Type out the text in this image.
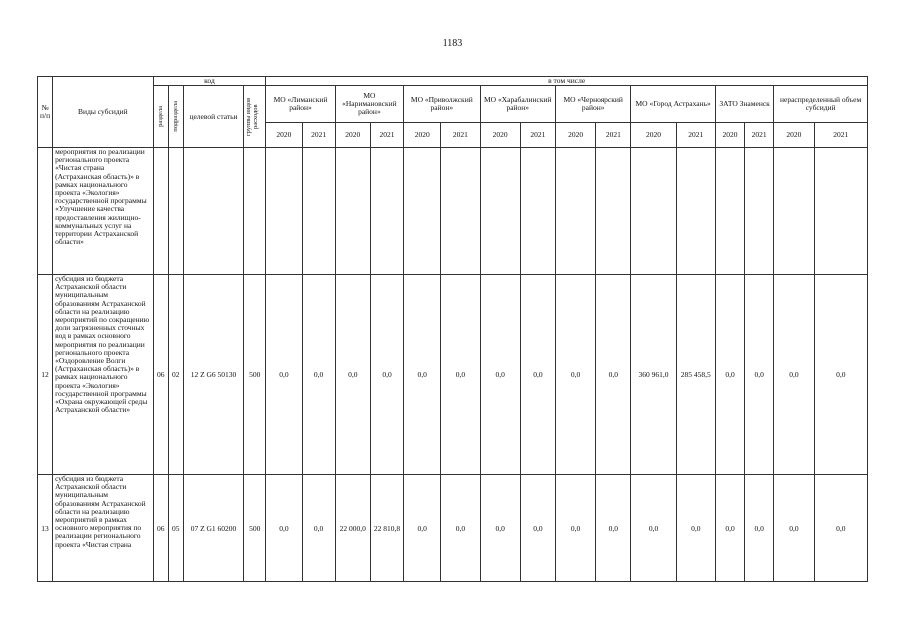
1183
№ п/п	Виды субсидий	код				в том числе															

		раздела	подраздела	целевой статьи	группы видов расходов	МО «Лиманский район»		МО «Наримановский район»		МО «Приволжский район»		МО «Харабалинский район»		МО «Черноярский район»		МО «Город Астрахань»		ЗАТО Знаменск		нераспределенный объем субсидий	
						2020	2021	2020	2021	2020	2021	2020	2021	2020	2021	2020	2021	2020	2021	2020	2021
	мероприятия по реализации регионального проекта «Чистая страна (Астраханская область)» в рамках национального проекта «Экология» государственной программы «Улучшение качества предоставления жилищно-коммунальных услуг на территории Астраханской области»																				
12	субсидия из бюджета Астраханской области муниципальным образованиям Астраханской области на реализацию мероприятий по сокращению доли загрязненных сточных вод в рамках основного мероприятия по реализации регионального проекта «Оздоровление Волги (Астраханская область)» в рамках национального проекта «Экология» государственной программы «Охрана окружающей среды Астраханской области»	06	02	12 Z G6 50130	500	0,0	0,0	0,0	0,0	0,0	0,0	0,0	0,0	0,0	0,0	360 961,0	285 458,5	0,0	0,0	0,0	0,0
13	субсидия из бюджета Астраханской области муниципальным образованиям Астраханской области на реализацию мероприятий в рамках основного мероприятия по реализации регионального проекта «Чистая страна	06	05	07 Z G1 60200	500	0,0	0,0	22 000,0	22 810,8	0,0	0,0	0,0	0,0	0,0	0,0	0,0	0,0	0,0	0,0	0,0	0,0
